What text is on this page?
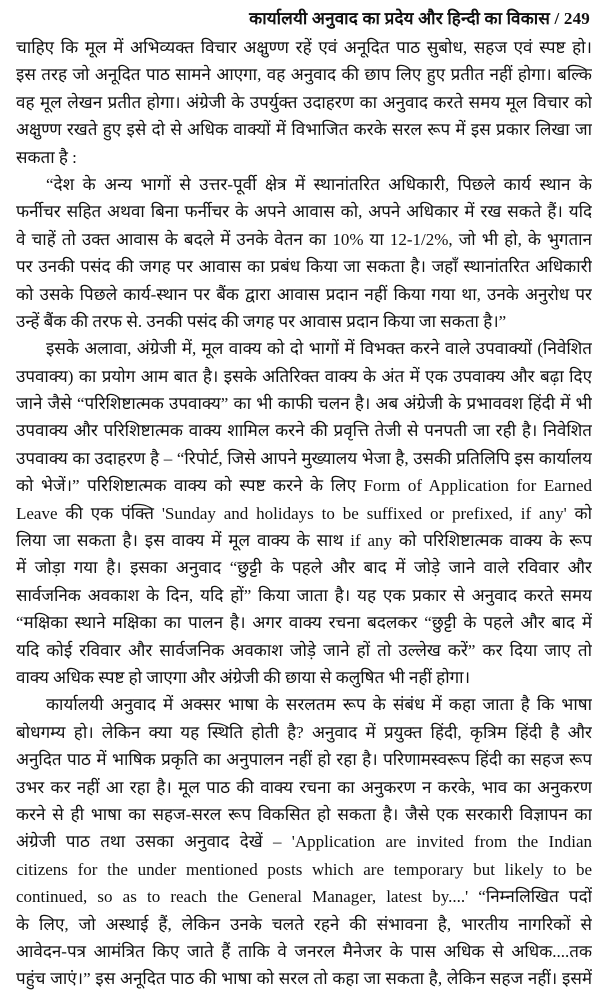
कार्यालयी अनुवाद का प्रदेय और हिन्दी का विकास / 249
चाहिए कि मूल में अभिव्यक्त विचार अक्षुण्ण रहें एवं अनूदित पाठ सुबोध, सहज एवं स्पष्ट हो।
इस तरह जो अनूदित पाठ सामने आएगा, वह अनुवाद की छाप लिए हुए प्रतीत नहीं होगा। बल्कि
वह मूल लेखन प्रतीत होगा। अंग्रेजी के उपर्युक्त उदाहरण का अनुवाद करते समय मूल विचार को
अक्षुण्ण रखते हुए इसे दो से अधिक वाक्यों में विभाजित करके सरल रूप में इस प्रकार लिखा जा
सकता है :
“देश के अन्य भागों से उत्तर-पूर्वी क्षेत्र में स्थानांतरित अधिकारी, पिछले कार्य स्थान के
फर्नीचर सहित अथवा बिना फर्नीचर के अपने आवास को, अपने अधिकार में रख सकते हैं। यदि
वे चाहें तो उक्त आवास के बदले में उनके वेतन का 10% या 12-1/2%, जो भी हो, के भुगतान
पर उनकी पसंद की जगह पर आवास का प्रबंध किया जा सकता है। जहाँ स्थानांतरित अधिकारी
को उसके पिछले कार्य-स्थान पर बैंक द्वारा आवास प्रदान नहीं किया गया था, उनके अनुरोध पर
उन्हें बैंक की तरफ से. उनकी पसंद की जगह पर आवास प्रदान किया जा सकता है।”
इसके अलावा, अंग्रेजी में, मूल वाक्य को दो भागों में विभक्त करने वाले उपवाक्यों (निवेशित
उपवाक्य) का प्रयोग आम बात है। इसके अतिरिक्त वाक्य के अंत में एक उपवाक्य और बढ़ा दिए
जाने जैसे “परिशिष्टात्मक उपवाक्य” का भी काफी चलन है। अब अंग्रेजी के प्रभाववश हिंदी में भी
उपवाक्य और परिशिष्टात्मक वाक्य शामिल करने की प्रवृत्ति तेजी से पनपती जा रही है। निवेशित
उपवाक्य का उदाहरण है – “रिपोर्ट, जिसे आपने मुख्यालय भेजा है, उसकी प्रतिलिपि इस कार्यालय
को भेजें।” परिशिष्टात्मक वाक्य को स्पष्ट करने के लिए Form of Application for Earned
Leave की एक पंक्ति 'Sunday and holidays to be suffixed or prefixed, if any' को
लिया जा सकता है। इस वाक्य में मूल वाक्य के साथ if any को परिशिष्टात्मक वाक्य के रूप
में जोड़ा गया है। इसका अनुवाद “छुट्टी के पहले और बाद में जोड़े जाने वाले रविवार और
सार्वजनिक अवकाश के दिन, यदि हों” किया जाता है। यह एक प्रकार से अनुवाद करते समय
“मक्षिका स्थाने मक्षिका का पालन है। अगर वाक्य रचना बदलकर “छुट्टी के पहले और बाद में
यदि कोई रविवार और सार्वजनिक अवकाश जोड़े जाने हों तो उल्लेख करें” कर दिया जाए तो
वाक्य अधिक स्पष्ट हो जाएगा और अंग्रेजी की छाया से कलुषित भी नहीं होगा।
कार्यालयी अनुवाद में अक्सर भाषा के सरलतम रूप के संबंध में कहा जाता है कि भाषा
बोधगम्य हो। लेकिन क्या यह स्थिति होती है? अनुवाद में प्रयुक्त हिंदी, कृत्रिम हिंदी है और
अनुदित पाठ में भाषिक प्रकृति का अनुपालन नहीं हो रहा है। परिणामस्वरूप हिंदी का सहज रूप
उभर कर नहीं आ रहा है। मूल पाठ की वाक्य रचना का अनुकरण न करके, भाव का अनुकरण
करने से ही भाषा का सहज-सरल रूप विकसित हो सकता है। जैसे एक सरकारी विज्ञापन का
अंग्रेजी पाठ तथा उसका अनुवाद देखें – 'Application are invited from the Indian
citizens for the under mentioned posts which are temporary but likely to be
continued, so as to reach the General Manager, latest by....' “निम्नलिखित पदों
के लिए, जो अस्थाई हैं, लेकिन उनके चलते रहने की संभावना है, भारतीय नागरिकों से
आवेदन-पत्र आमंत्रित किए जाते हैं ताकि वे जनरल मैनेजर के पास अधिक से अधिक....तक
पहुंच जाएं।” इस अनूदित पाठ की भाषा को सरल तो कहा जा सकता है, लेकिन सहज नहीं। इसमें
